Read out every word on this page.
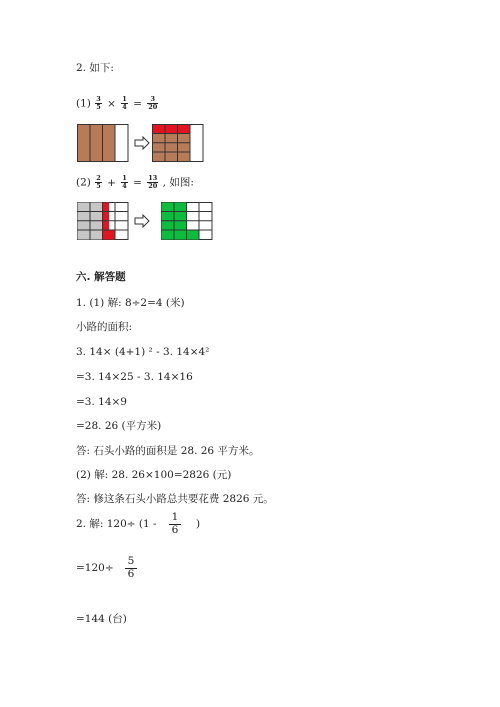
2. 如下:
$(1) \frac{3}{5} \times \frac{1}{4} = \frac{3}{20}$
$(2) \frac{2}{5} + \frac{1}{4} = \frac{13}{20}$ , 如图:
六. 解答题
1. (1) 解: 8÷2=4 (米)
小路的面积:
3. 14× (4+1) ² - 3. 14×4²
=3. 14×25 - 3. 14×16
=3. 14×9
=28. 26 (平方米)
答: 石头小路的面积是 28. 26 平方米。
(2) 解: 28. 26×100=2826 (元)
答: 修这条石头小路总共要花费 2826 元。
2. 解: 120÷ (1 -
1
6	)
=120÷
5
6
=144 (台)
